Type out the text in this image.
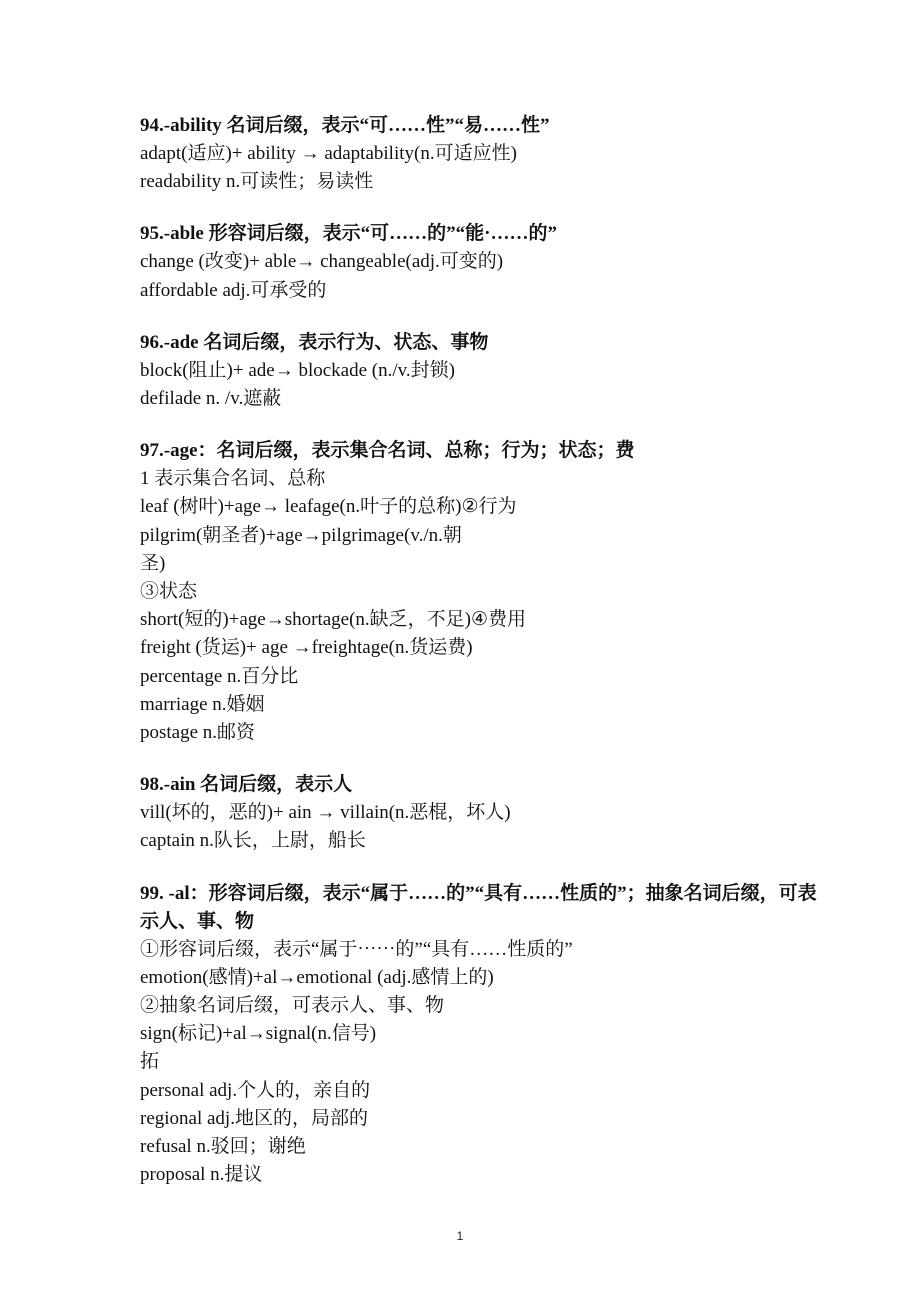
94.-ability 名词后缀，表示“可……性”“易……性”

adapt(适应)+ ability → adaptability(n.可适应性)

readability n.可读性；易读性

95.-able 形容词后缀，表示“可……的”“能·……的”

change (改变)+ able→ changeable(adj.可变的)

affordable adj.可承受的

96.-ade 名词后缀，表示行为、状态、事物

block(阻止)+ ade→ blockade (n./v.封锁)

defilade n. /v.遮蔽

97.-age：名词后缀，表示集合名词、总称；行为；状态；费

1 表示集合名词、总称

leaf (树叶)+age→ leafage(n.叶子的总称)②行为

pilgrim(朝圣者)+age→pilgrimage(v./n.朝

圣)

③状态

short(短的)+age→shortage(n.缺乏，不足)④费用

freight (货运)+ age →freightage(n.货运费)

percentage n.百分比

marriage n.婚姻

postage n.邮资

98.-ain 名词后缀，表示人

vill(坏的，恶的)+ ain → villain(n.恶棍，坏人)

captain n.队长，上尉，船长

99. -al：形容词后缀，表示“属于……的”“具有……性质的”；抽象名词后缀，可表示人、事、物

①形容词后缀，表示“属于⋯⋯的”“具有……性质的”

emotion(感情)+al→emotional (adj.感情上的)

②抽象名词后缀，可表示人、事、物

sign(标记)+al→signal(n.信号)

拓

personal adj.个人的，亲自的

regional adj.地区的，局部的

refusal n.驳回；谢绝

proposal n.提议

1
